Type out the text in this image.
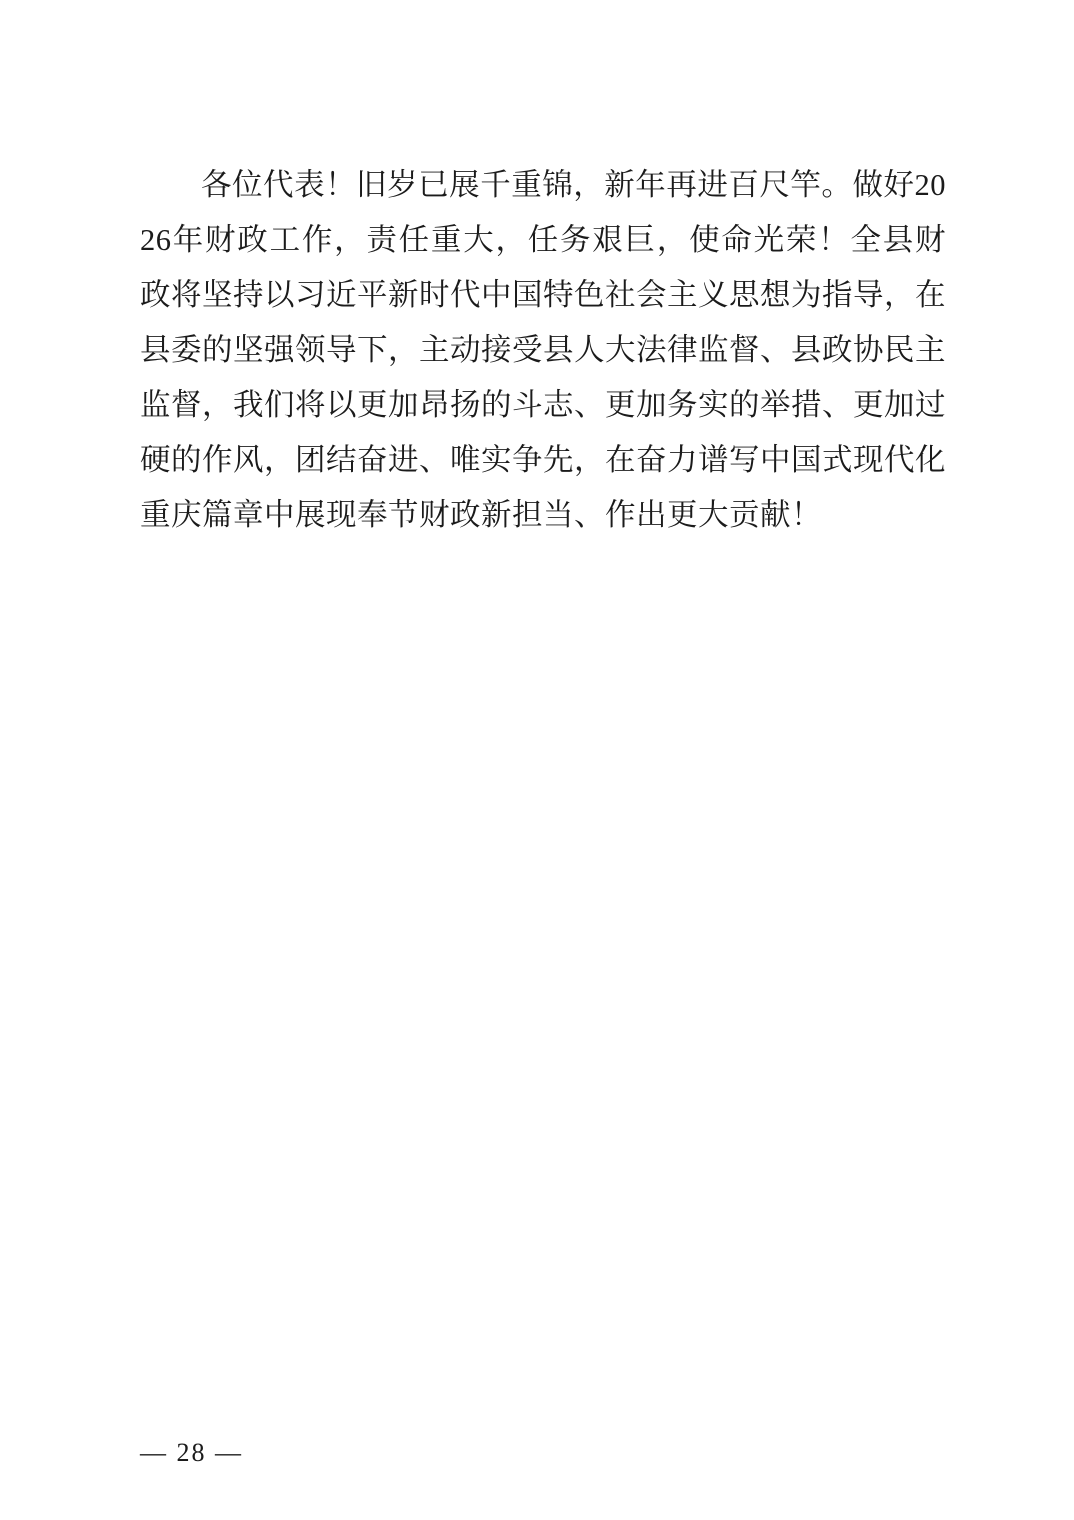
各位代表！旧岁已展千重锦，新年再进百尺竿。做好2026年财政工作，责任重大，任务艰巨，使命光荣！全县财政将坚持以习近平新时代中国特色社会主义思想为指导，在县委的坚强领导下，主动接受县人大法律监督、县政协民主监督，我们将以更加昂扬的斗志、更加务实的举措、更加过硬的作风，团结奋进、唯实争先，在奋力谱写中国式现代化重庆篇章中展现奉节财政新担当、作出更大贡献！

— 28 —
